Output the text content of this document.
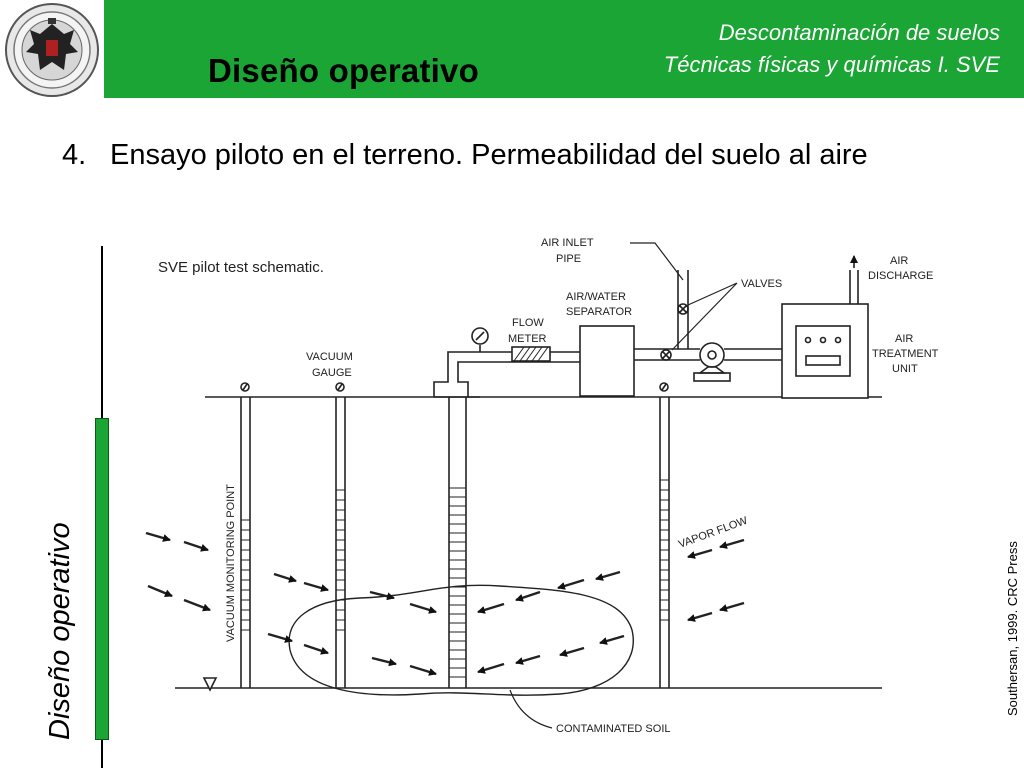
Diseño operativo
Descontaminación de suelos
Técnicas físicas y químicas I. SVE
4. Ensayo piloto en el terreno. Permeabilidad del suelo al aire
Diseño operativo	Southersan, 1999. CRC Press
SVE pilot test schematic.
FLOW
METER
AIR/WATER
SEPARATOR
AIR INLET
PIPE
VALVES
AIR
DISCHARGE
AIR
TREATMENT
UNIT
VACUUM
GAUGE
VACUUM MONITORING POINT	VAPOR FLOW
CONTAMINATED SOIL
